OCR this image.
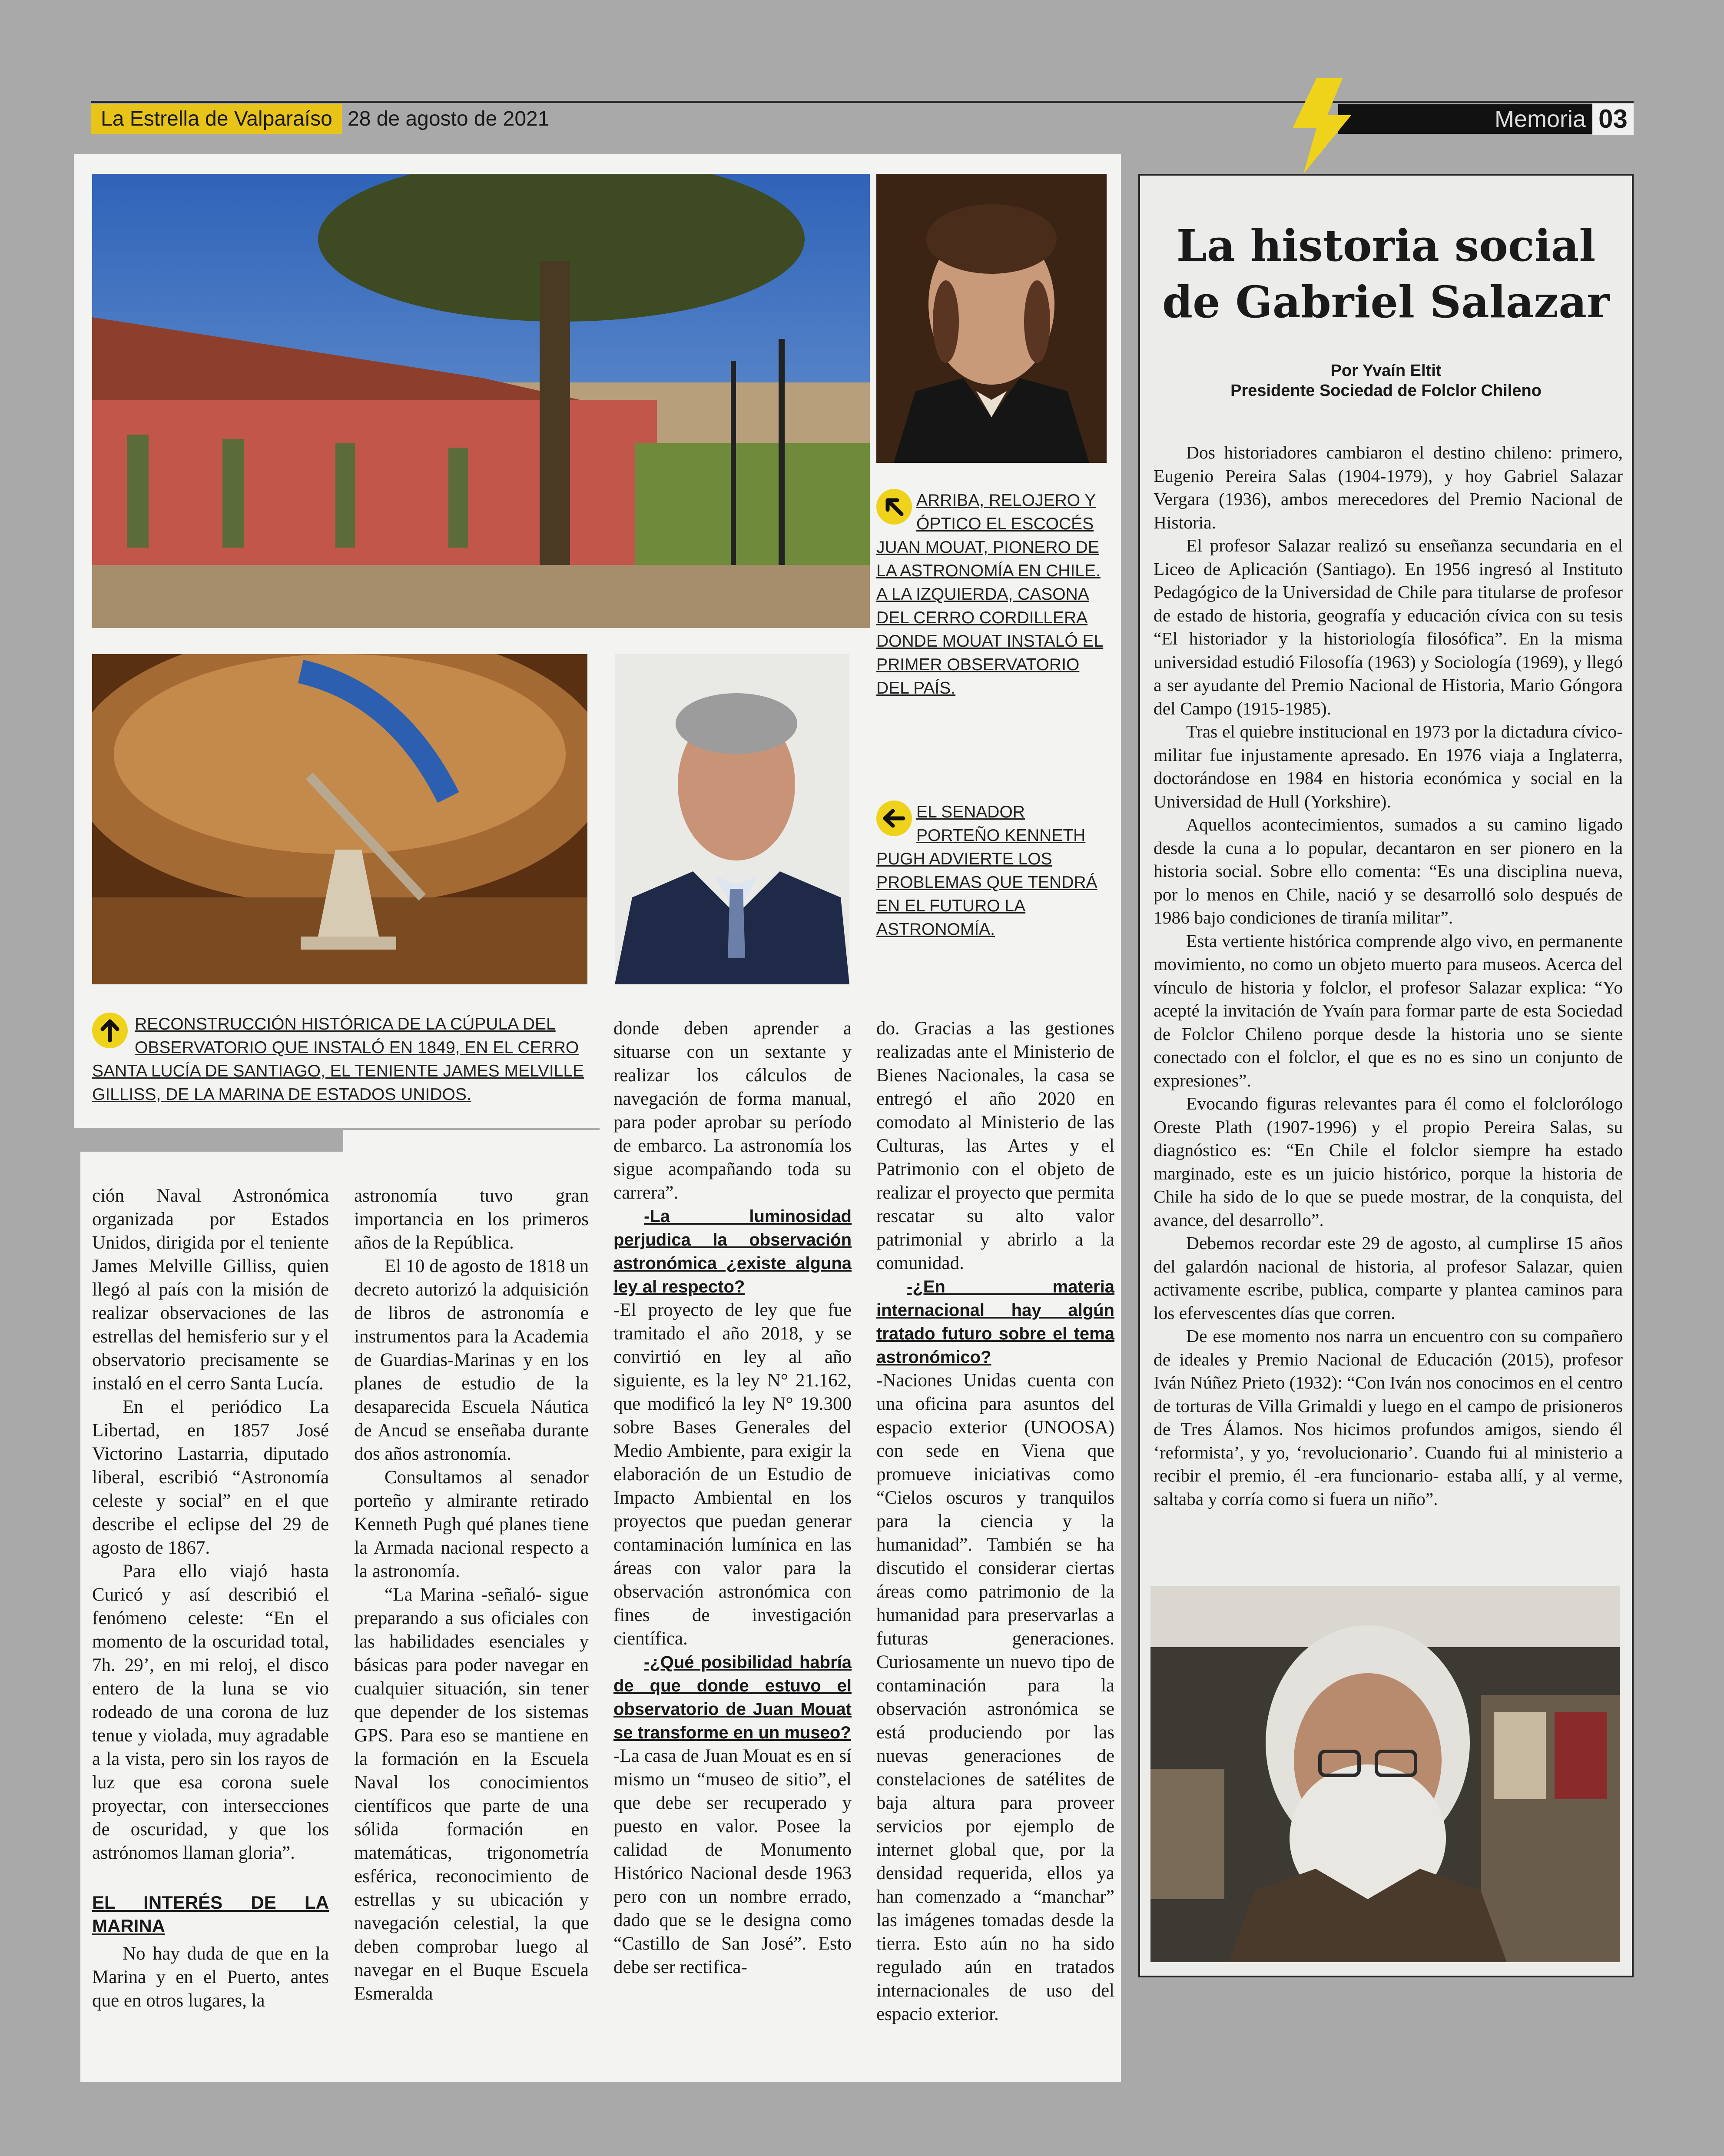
La Estrella de Valparaíso 28 de agosto de 2021	Memoria 03
ARRIBA, RELOJERO Y ÓPTICO EL ESCOCÉS JUAN MOUAT, PIONERO DE LA ASTRONOMÍA EN CHILE. A LA IZQUIERDA, CASONA DEL CERRO CORDILLERA DONDE MOUAT INSTALÓ EL PRIMER OBSERVATORIO DEL PAÍS.
EL SENADOR PORTEÑO KENNETH PUGH ADVIERTE LOS PROBLEMAS QUE TENDRÁ EN EL FUTURO LA ASTRONOMÍA.
RECONSTRUCCIÓN HISTÓRICA DE LA CÚPULA DEL OBSERVATORIO QUE INSTALÓ EN 1849, EN EL CERRO SANTA LUCÍA DE SANTIAGO, EL TENIENTE JAMES MELVILLE GILLISS, DE LA MARINA DE ESTADOS UNIDOS.

ción Naval Astronómica organizada por Estados Unidos, dirigida por el teniente James Melville Gilliss, quien llegó al país con la misión de realizar observaciones de las estrellas del hemisferio sur y el observatorio precisamente se instaló en el cerro Santa Lucía.

En el periódico La Libertad, en 1857 José Victorino Lastarria, diputado liberal, escribió “Astronomía celeste y social” en el que describe el eclipse del 29 de agosto de 1867.

Para ello viajó hasta Curicó y así describió el fenómeno celeste: “En el momento de la oscuridad total, 7h. 29’, en mi reloj, el disco entero de la luna se vio rodeado de una corona de luz tenue y violada, muy agradable a la vista, pero sin los rayos de luz que esa corona suele proyectar, con intersecciones de oscuridad, y que los astrónomos llaman gloria”.

EL INTERÉS DE LA MARINA

No hay duda de que en la Marina y en el Puerto, antes que en otros lugares, la

astronomía tuvo gran importancia en los primeros años de la República.

El 10 de agosto de 1818 un decreto autorizó la adquisición de libros de astronomía e instrumentos para la Academia de Guardias-Marinas y en los planes de estudio de la desaparecida Escuela Náutica de Ancud se enseñaba durante dos años astronomía.

Consultamos al senador porteño y almirante retirado Kenneth Pugh qué planes tiene la Armada nacional respecto a la astronomía.

“La Marina -señaló- sigue preparando a sus oficiales con las habilidades esenciales y básicas para poder navegar en cualquier situación, sin tener que depender de los sistemas GPS. Para eso se mantiene en la formación en la Escuela Naval los conocimientos científicos que parte de una sólida formación en matemáticas, trigonometría esférica, reconocimiento de estrellas y su ubicación y navegación celestial, la que deben comprobar luego al navegar en el Buque Escuela Esmeralda

donde deben aprender a situarse con un sextante y realizar los cálculos de navegación de forma manual, para poder aprobar su período de embarco. La astronomía los sigue acompañando toda su carrera”.

-La luminosidad perjudica la observación astronómica ¿existe alguna ley al respecto?

-El proyecto de ley que fue tramitado el año 2018, y se convirtió en ley al año siguiente, es la ley N° 21.162, que modificó la ley N° 19.300 sobre Bases Generales del Medio Ambiente, para exigir la elaboración de un Estudio de Impacto Ambiental en los proyectos que puedan generar contaminación lumínica en las áreas con valor para la observación astronómica con fines de investigación científica.

-¿Qué posibilidad habría de que donde estuvo el observatorio de Juan Mouat se transforme en un museo?

-La casa de Juan Mouat es en sí mismo un “museo de sitio”, el que debe ser recuperado y puesto en valor. Posee la calidad de Monumento Histórico Nacional desde 1963 pero con un nombre errado, dado que se le designa como “Castillo de San José”. Esto debe ser rectifica-

do. Gracias a las gestiones realizadas ante el Ministerio de Bienes Nacionales, la casa se entregó el año 2020 en comodato al Ministerio de las Culturas, las Artes y el Patrimonio con el objeto de realizar el proyecto que permita rescatar su alto valor patrimonial y abrirlo a la comunidad.

-¿En materia internacional hay algún tratado futuro sobre el tema astronómico?

-Naciones Unidas cuenta con una oficina para asuntos del espacio exterior (UNOOSA) con sede en Viena que promueve iniciativas como “Cielos oscuros y tranquilos para la ciencia y la humanidad”. También se ha discutido el considerar ciertas áreas como patrimonio de la humanidad para preservarlas a futuras generaciones. Curiosamente un nuevo tipo de contaminación para la observación astronómica se está produciendo por las nuevas generaciones de constelaciones de satélites de baja altura para proveer servicios por ejemplo de internet global que, por la densidad requerida, ellos ya han comenzado a “manchar” las imágenes tomadas desde la tierra. Esto aún no ha sido regulado aún en tratados internacionales de uso del espacio exterior.

La historia social
de Gabriel Salazar
Por Yvaín Eltit
Presidente Sociedad de Folclor Chileno

Dos historiadores cambiaron el destino chileno: primero, Eugenio Pereira Salas (1904-1979), y hoy Gabriel Salazar Vergara (1936), ambos merecedores del Premio Nacional de Historia.

El profesor Salazar realizó su enseñanza secundaria en el Liceo de Aplicación (Santiago). En 1956 ingresó al Instituto Pedagógico de la Universidad de Chile para titularse de profesor de estado de historia, geografía y educación cívica con su tesis “El historiador y la historiología filosófica”. En la misma universidad estudió Filosofía (1963) y Sociología (1969), y llegó a ser ayudante del Premio Nacional de Historia, Mario Góngora del Campo (1915-1985).

Tras el quiebre institucional en 1973 por la dictadura cívico-militar fue injustamente apresado. En 1976 viaja a Inglaterra, doctorándose en 1984 en historia económica y social en la Universidad de Hull (Yorkshire).

Aquellos acontecimientos, sumados a su camino ligado desde la cuna a lo popular, decantaron en ser pionero en la historia social. Sobre ello comenta: “Es una disciplina nueva, por lo menos en Chile, nació y se desarrolló solo después de 1986 bajo condiciones de tiranía militar”.

Esta vertiente histórica comprende algo vivo, en permanente movimiento, no como un objeto muerto para museos. Acerca del vínculo de historia y folclor, el profesor Salazar explica: “Yo acepté la invitación de Yvaín para formar parte de esta Sociedad de Folclor Chileno porque desde la historia uno se siente conectado con el folclor, el que es no es sino un conjunto de expresiones”.

Evocando figuras relevantes para él como el folclorólogo Oreste Plath (1907-1996) y el propio Pereira Salas, su diagnóstico es: “En Chile el folclor siempre ha estado marginado, este es un juicio histórico, porque la historia de Chile ha sido de lo que se puede mostrar, de la conquista, del avance, del desarrollo”.

Debemos recordar este 29 de agosto, al cumplirse 15 años del galardón nacional de historia, al profesor Salazar, quien activamente escribe, publica, comparte y plantea caminos para los efervescentes días que corren.

De ese momento nos narra un encuentro con su compañero de ideales y Premio Nacional de Educación (2015), profesor Iván Núñez Prieto (1932): “Con Iván nos conocimos en el centro de torturas de Villa Grimaldi y luego en el campo de prisioneros de Tres Álamos. Nos hicimos profundos amigos, siendo él ‘reformista’, y yo, ‘revolucionario’. Cuando fui al ministerio a recibir el premio, él -era funcionario- estaba allí, y al verme, saltaba y corría como si fuera un niño”.
